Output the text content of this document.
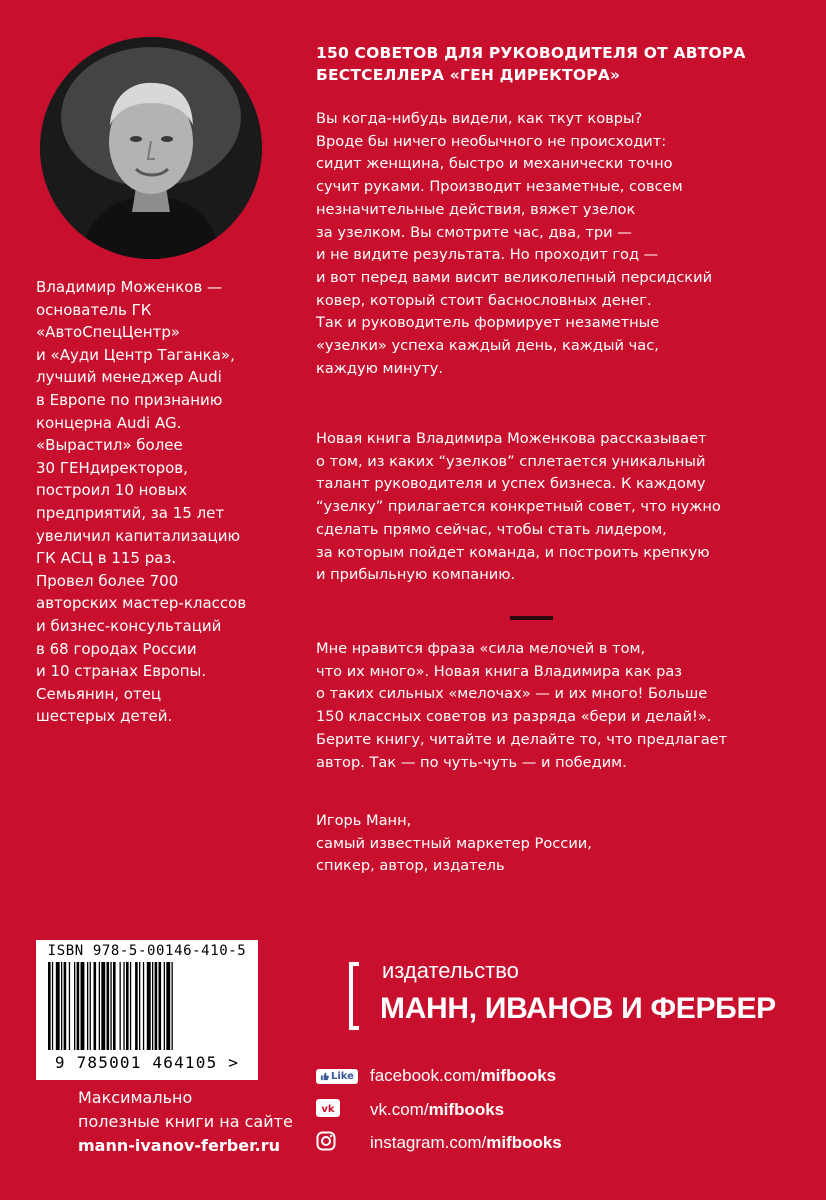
Владимир Моженков —
основатель ГК
«АвтоСпецЦентр»
и «Ауди Центр Таганка»,
лучший менеджер Audi
в Европе по признанию
концерна Audi AG.
«Вырастил» более
30 ГЕНдиректоров,
построил 10 новых
предприятий, за 15 лет
увеличил капитализацию
ГК АСЦ в 115 раз.
Провел более 700
авторских мастер-классов
и бизнес-консультаций
в 68 городах России
и 10 странах Европы.
Семьянин, отец
шестерых детей.
150 СОВЕТОВ ДЛЯ РУКОВОДИТЕЛЯ ОТ АВТОРА
БЕСТСЕЛЛЕРА «ГЕН ДИРЕКТОРА»
Вы когда-нибудь видели, как ткут ковры?
Вроде бы ничего необычного не происходит:
сидит женщина, быстро и механически точно
сучит руками. Производит незаметные, совсем
незначительные действия, вяжет узелок
за узелком. Вы смотрите час, два, три —
и не видите результата. Но проходит год —
и вот перед вами висит великолепный персидский
ковер, который стоит баснословных денег.
Так и руководитель формирует незаметные
«узелки» успеха каждый день, каждый час,
каждую минуту.
Новая книга Владимира Моженкова рассказывает
о том, из каких “узелков” сплетается уникальный
талант руководителя и успех бизнеса. К каждому
“узелку” прилагается конкретный совет, что нужно
сделать прямо сейчас, чтобы стать лидером,
за которым пойдет команда, и построить крепкую
и прибыльную компанию.
Мне нравится фраза «сила мелочей в том,
что их много». Новая книга Владимира как раз
о таких сильных «мелочах» — и их много! Больше
150 классных советов из разряда «бери и делай!».
Берите книгу, читайте и делайте то, что предлагает
автор. Так — по чуть-чуть — и победим.
Игорь Манн,
самый известный маркетер России,
спикер, автор, издатель
ISBN 978-5-00146-410-5
9 785001 464105 >
Максимально
полезные книги на сайте
mann-ivanov-ferber.ru
издательство
МАНН, ИВАНОВ И ФЕРБЕР
Like facebook.com/mifbooks
vk vk.com/mifbooks
instagram.com/mifbooks
